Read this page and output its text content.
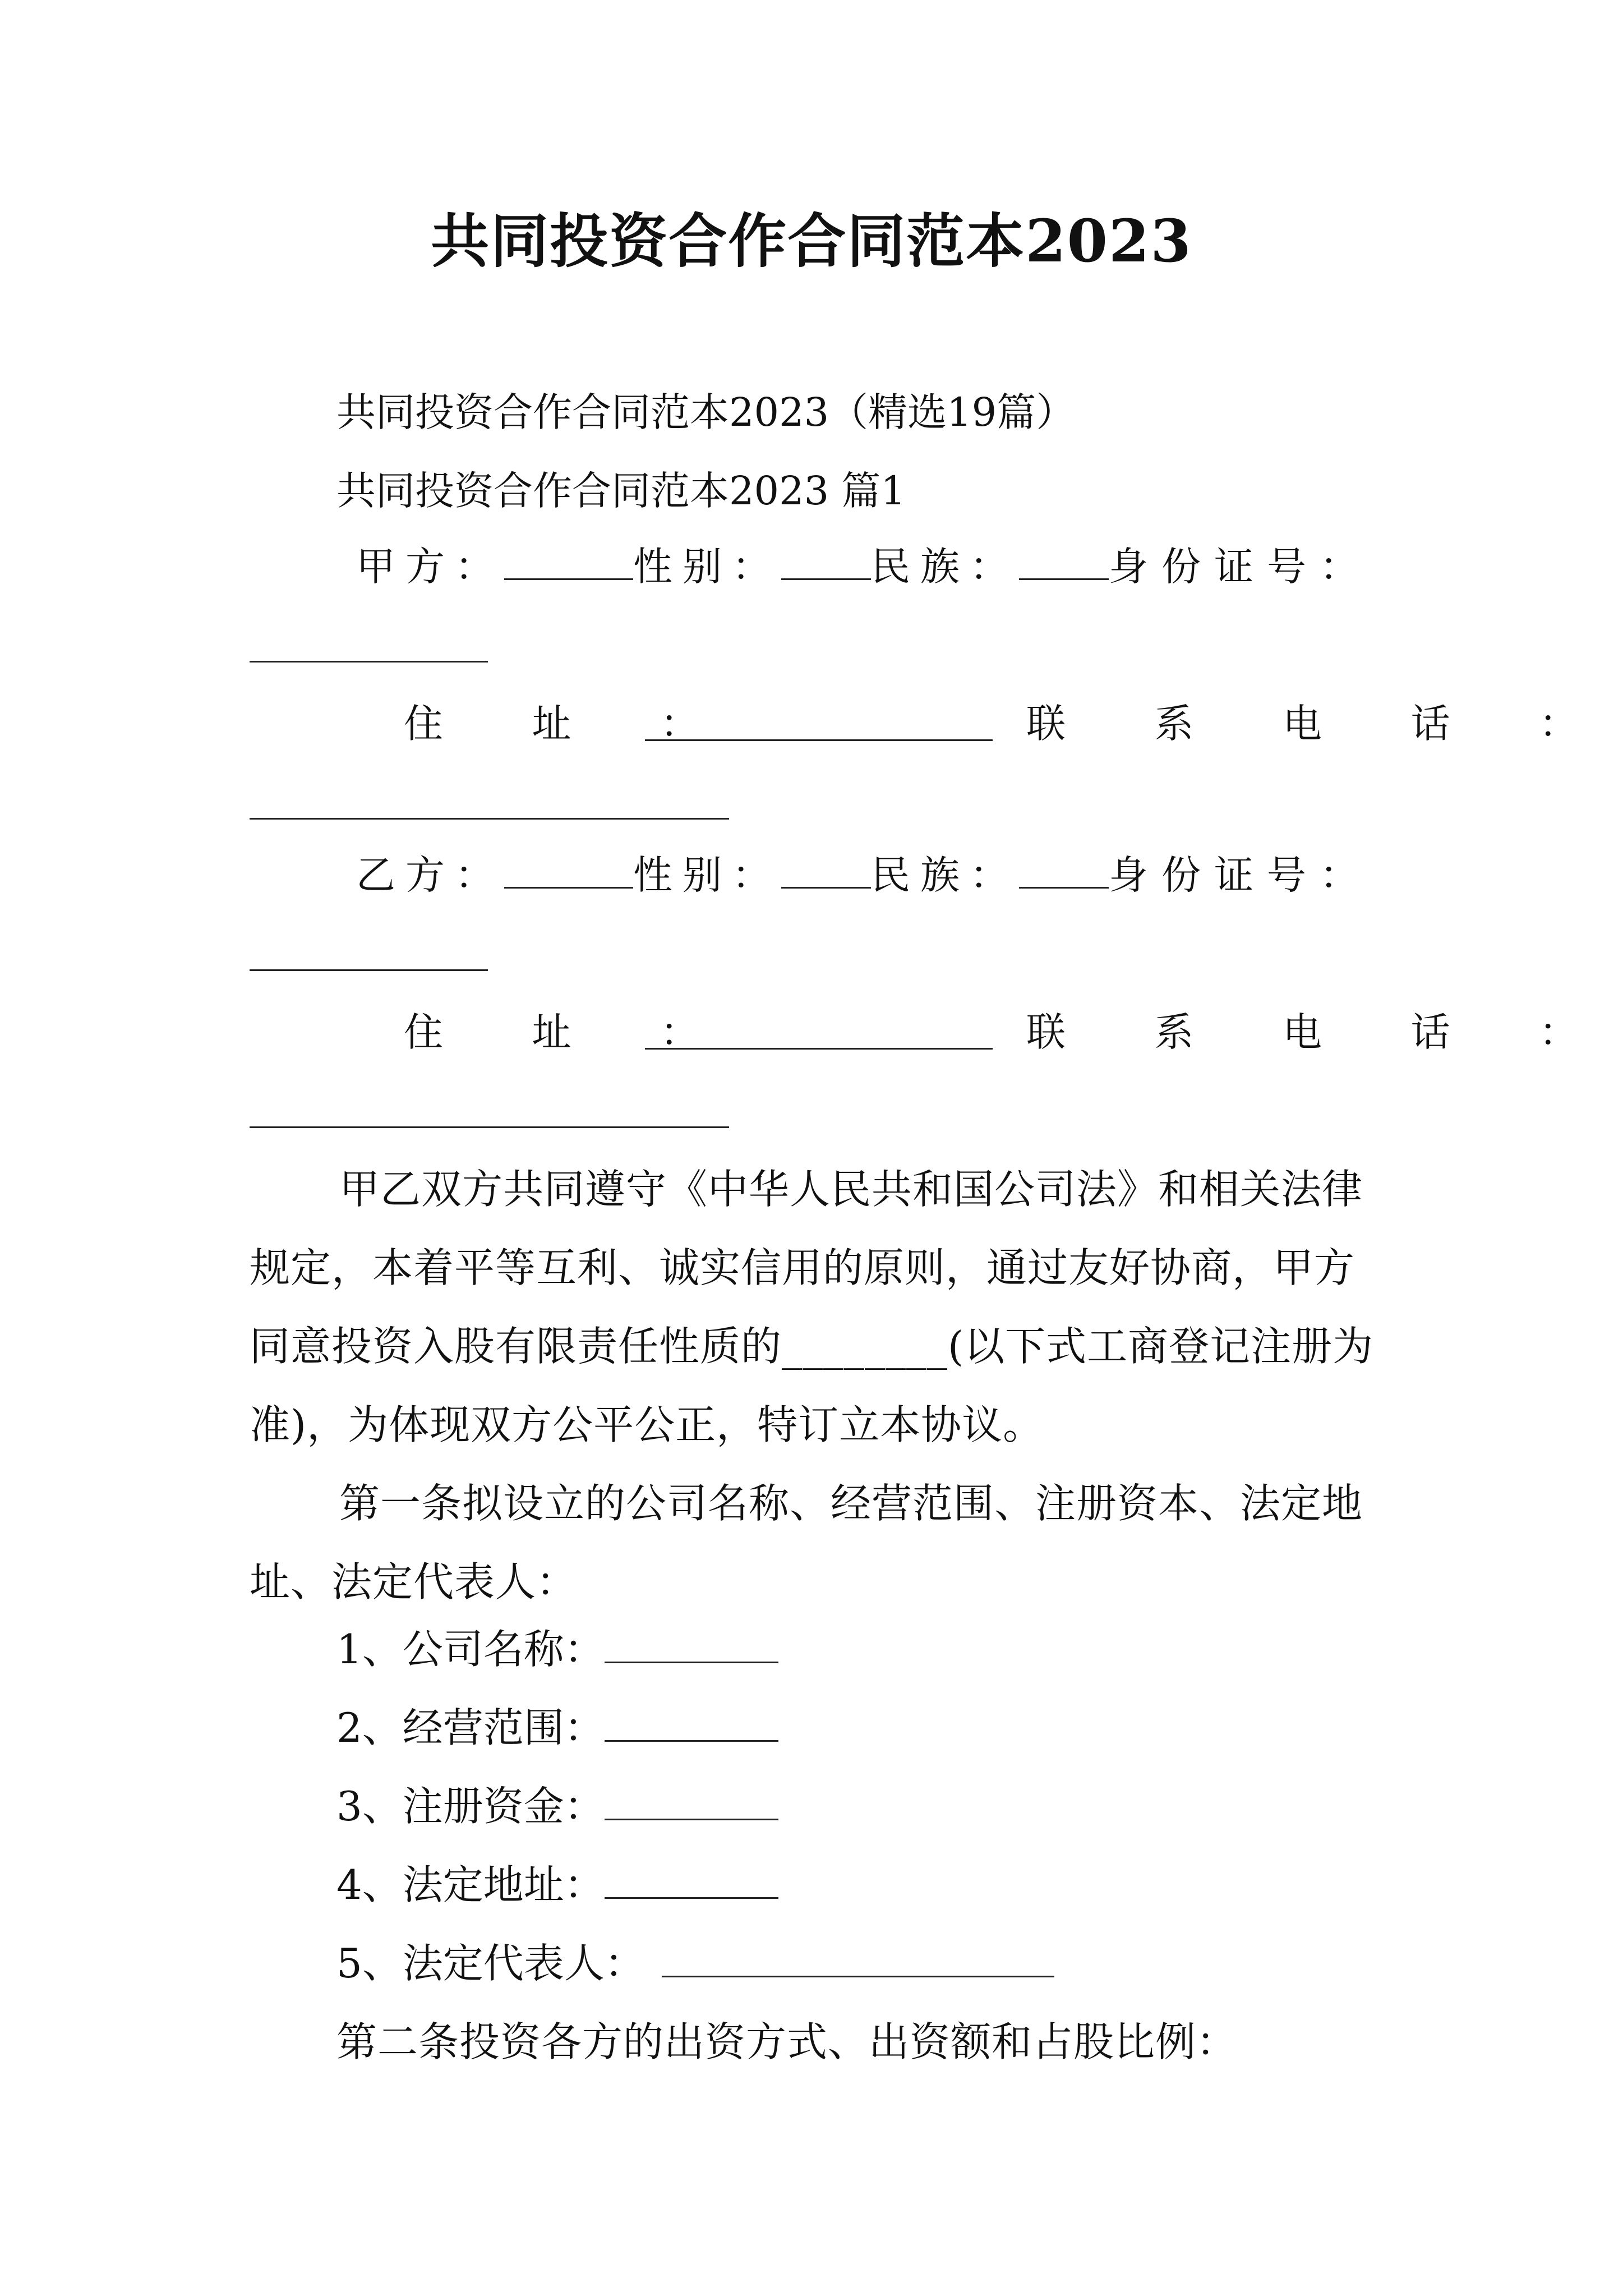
共同投资合作合同范本2023
共同投资合作合同范本2023（精选19篇）
共同投资合作合同范本2023 篇1
甲方：	性别： 民族： 身份证号：
住  址  ：	联  系  电  话  ：
乙方：	性别： 民族： 身份证号：
住  址  ：	联  系  电  话  ：
甲乙双方共同遵守《中华人民共和国公司法》和相关法律规定，本着平等互利、诚实信用的原则，通过友好协商，甲方同意投资入股有限责任性质的________(以下式工商登记注册为准)，为体现双方公平公正，特订立本协议。
第一条拟设立的公司名称、经营范围、注册资本、法定地址、法定代表人：
1、公司名称：
2、经营范围：
3、注册资金：
4、法定地址：
5、法定代表人：
第二条投资各方的出资方式、出资额和占股比例：
